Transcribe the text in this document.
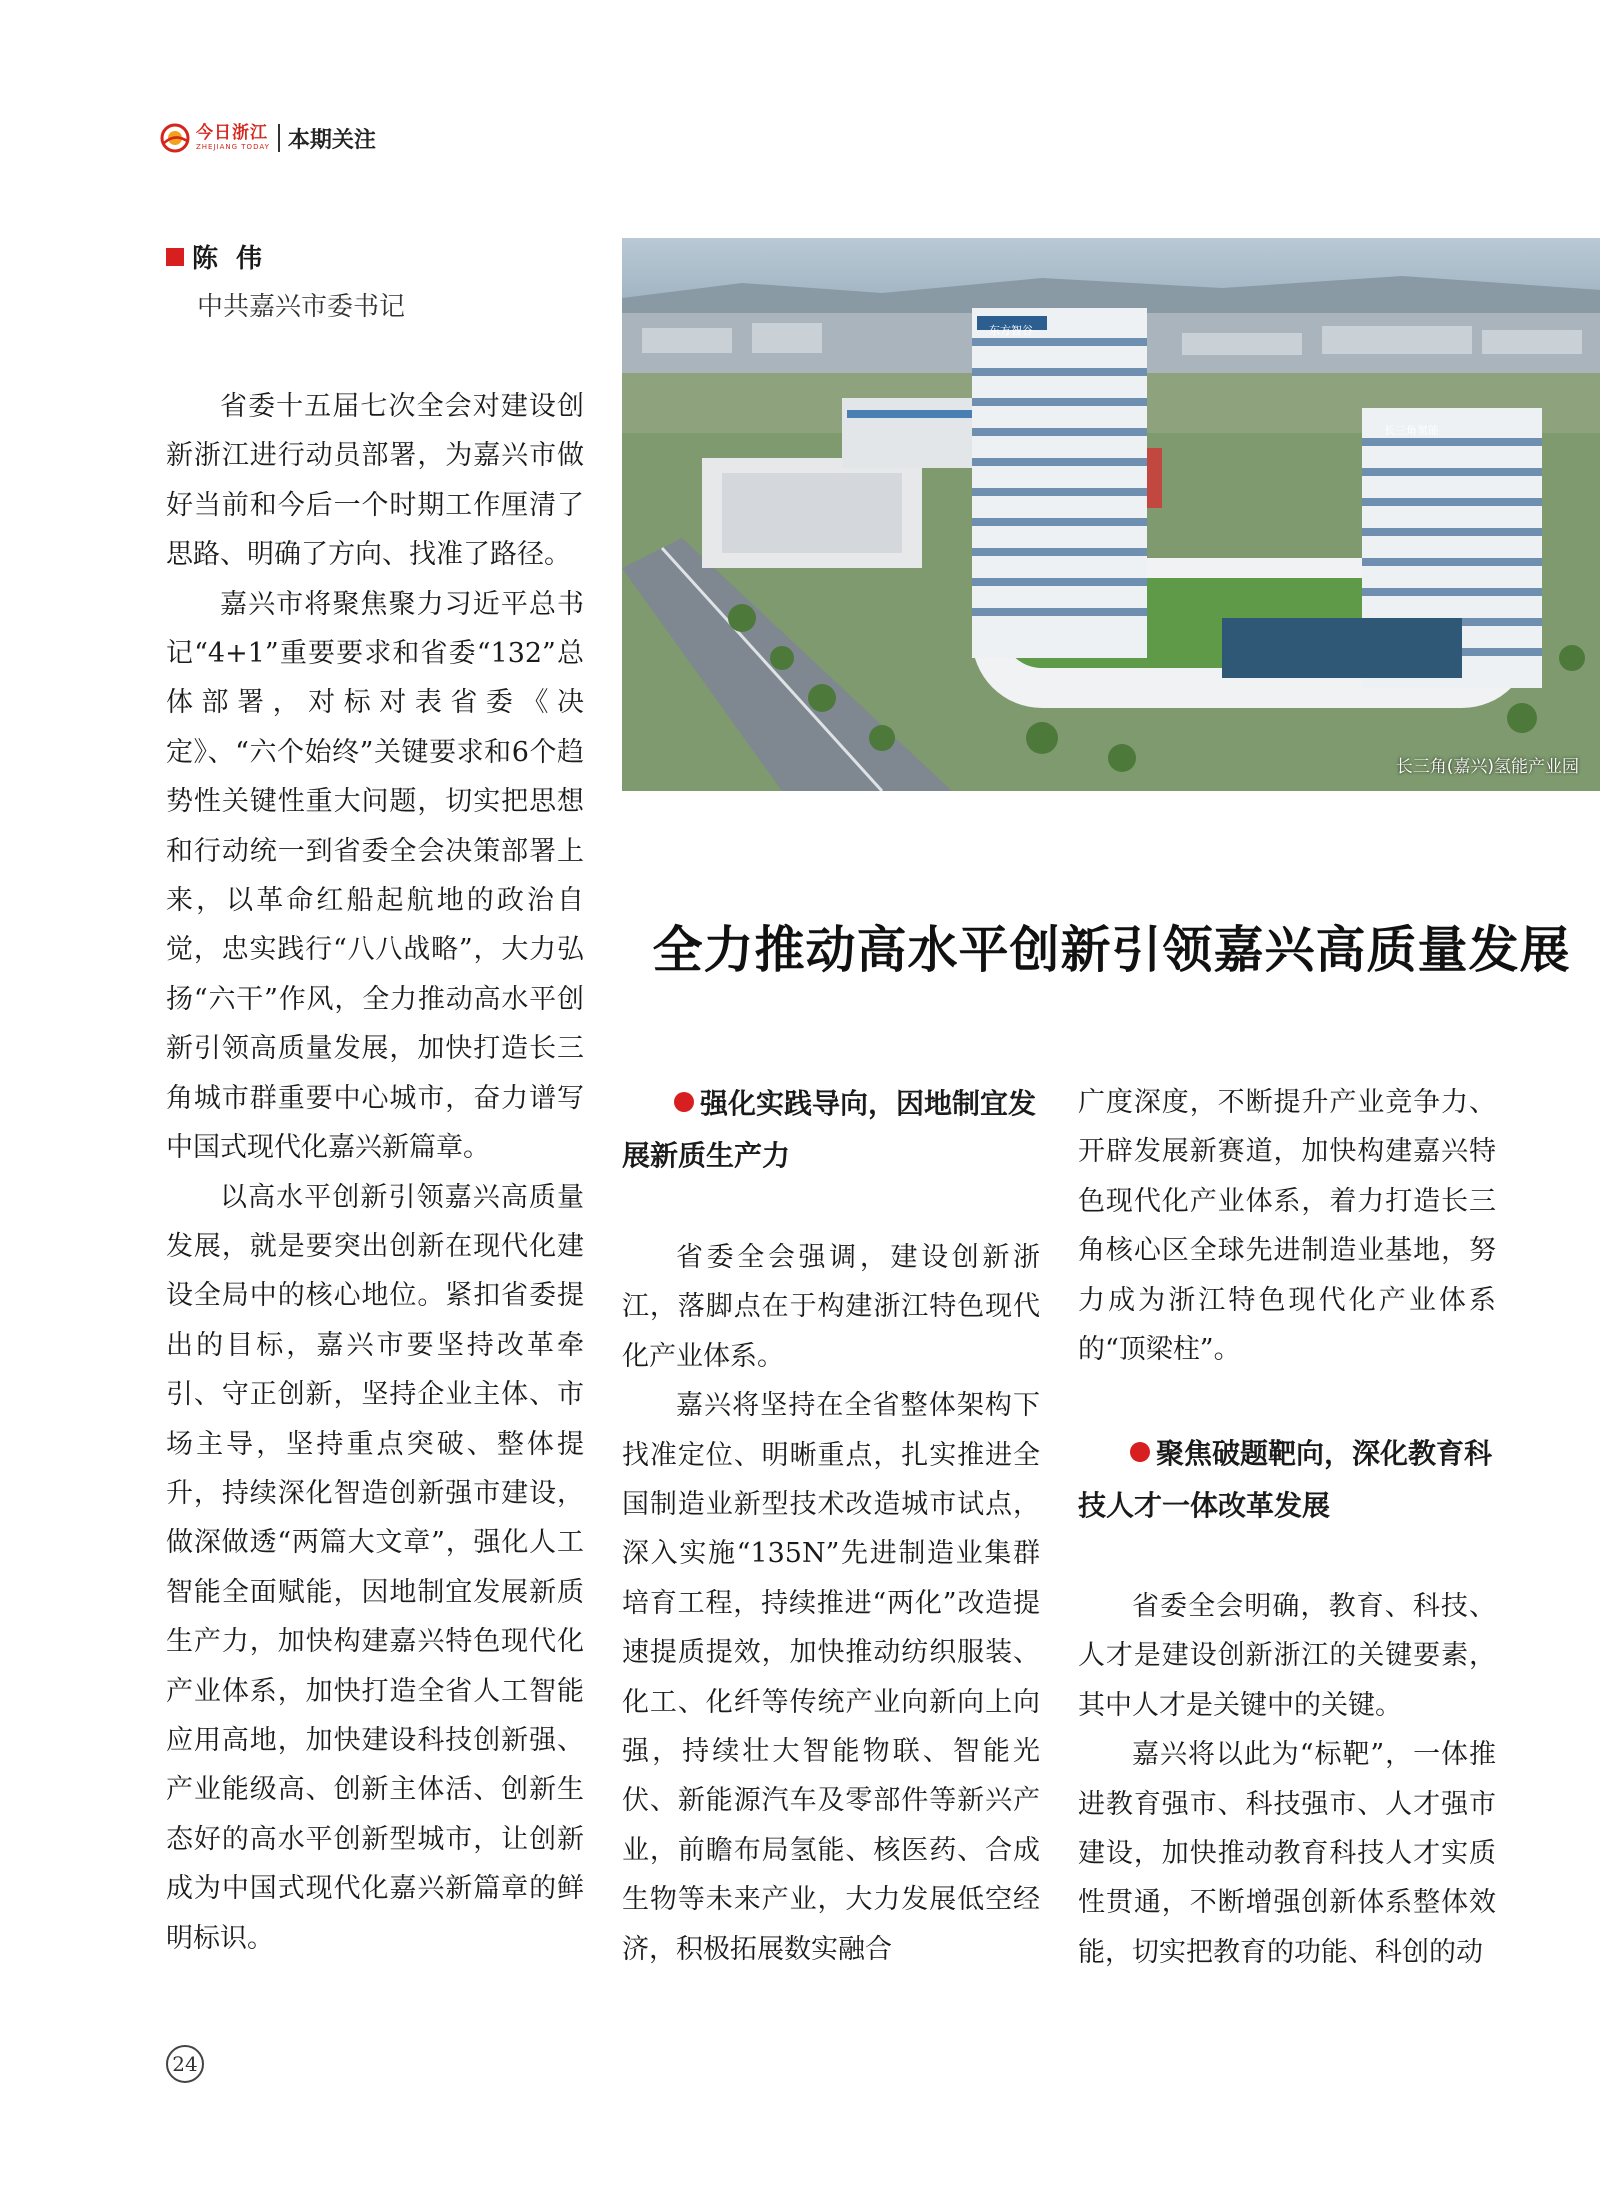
今日浙江
ZHEJIANG TODAY 本期关注
陈伟
中共嘉兴市委书记

省委十五届七次全会对建设创新浙江进行动员部署，为嘉兴市做好当前和今后一个时期工作厘清了思路、明确了方向、找准了路径。

嘉兴市将聚焦聚力习近平总书记“4+1”重要要求和省委“132”总体部署，对标对表省委《决定》、“六个始终”关键要求和6个趋势性关键性重大问题，切实把思想和行动统一到省委全会决策部署上来，以革命红船起航地的政治自觉，忠实践行“八八战略”，大力弘扬“六干”作风，全力推动高水平创新引领高质量发展，加快打造长三角城市群重要中心城市，奋力谱写中国式现代化嘉兴新篇章。

以高水平创新引领嘉兴高质量发展，就是要突出创新在现代化建设全局中的核心地位。紧扣省委提出的目标，嘉兴市要坚持改革牵引、守正创新，坚持企业主体、市场主导，坚持重点突破、整体提升，持续深化智造创新强市建设，做深做透“两篇大文章”，强化人工智能全面赋能，因地制宜发展新质生产力，加快构建嘉兴特色现代化产业体系，加快打造全省人工智能应用高地，加快建设科技创新强、产业能级高、创新主体活、创新生态好的高水平创新型城市，让创新成为中国式现代化嘉兴新篇章的鲜明标识。

东方智谷
长三角氢能
长三角(嘉兴)氢能产业园
全力推动高水平创新引领嘉兴高质量发展
强化实践导向，因地制宜发展新质生产力

省委全会强调，建设创新浙江，落脚点在于构建浙江特色现代化产业体系。

嘉兴将坚持在全省整体架构下找准定位、明晰重点，扎实推进全国制造业新型技术改造城市试点，深入实施“135N”先进制造业集群培育工程，持续推进“两化”改造提速提质提效，加快推动纺织服装、化工、化纤等传统产业向新向上向强，持续壮大智能物联、智能光伏、新能源汽车及零部件等新兴产业，前瞻布局氢能、核医药、合成生物等未来产业，大力发展低空经济，积极拓展数实融合

广度深度，不断提升产业竞争力、开辟发展新赛道，加快构建嘉兴特色现代化产业体系，着力打造长三角核心区全球先进制造业基地，努力成为浙江特色现代化产业体系的“顶梁柱”。

聚焦破题靶向，深化教育科技人才一体改革发展

省委全会明确，教育、科技、人才是建设创新浙江的关键要素，其中人才是关键中的关键。

嘉兴将以此为“标靶”，一体推进教育强市、科技强市、人才强市建设，加快推动教育科技人才实质性贯通，不断增强创新体系整体效能，切实把教育的功能、科创的动

24
